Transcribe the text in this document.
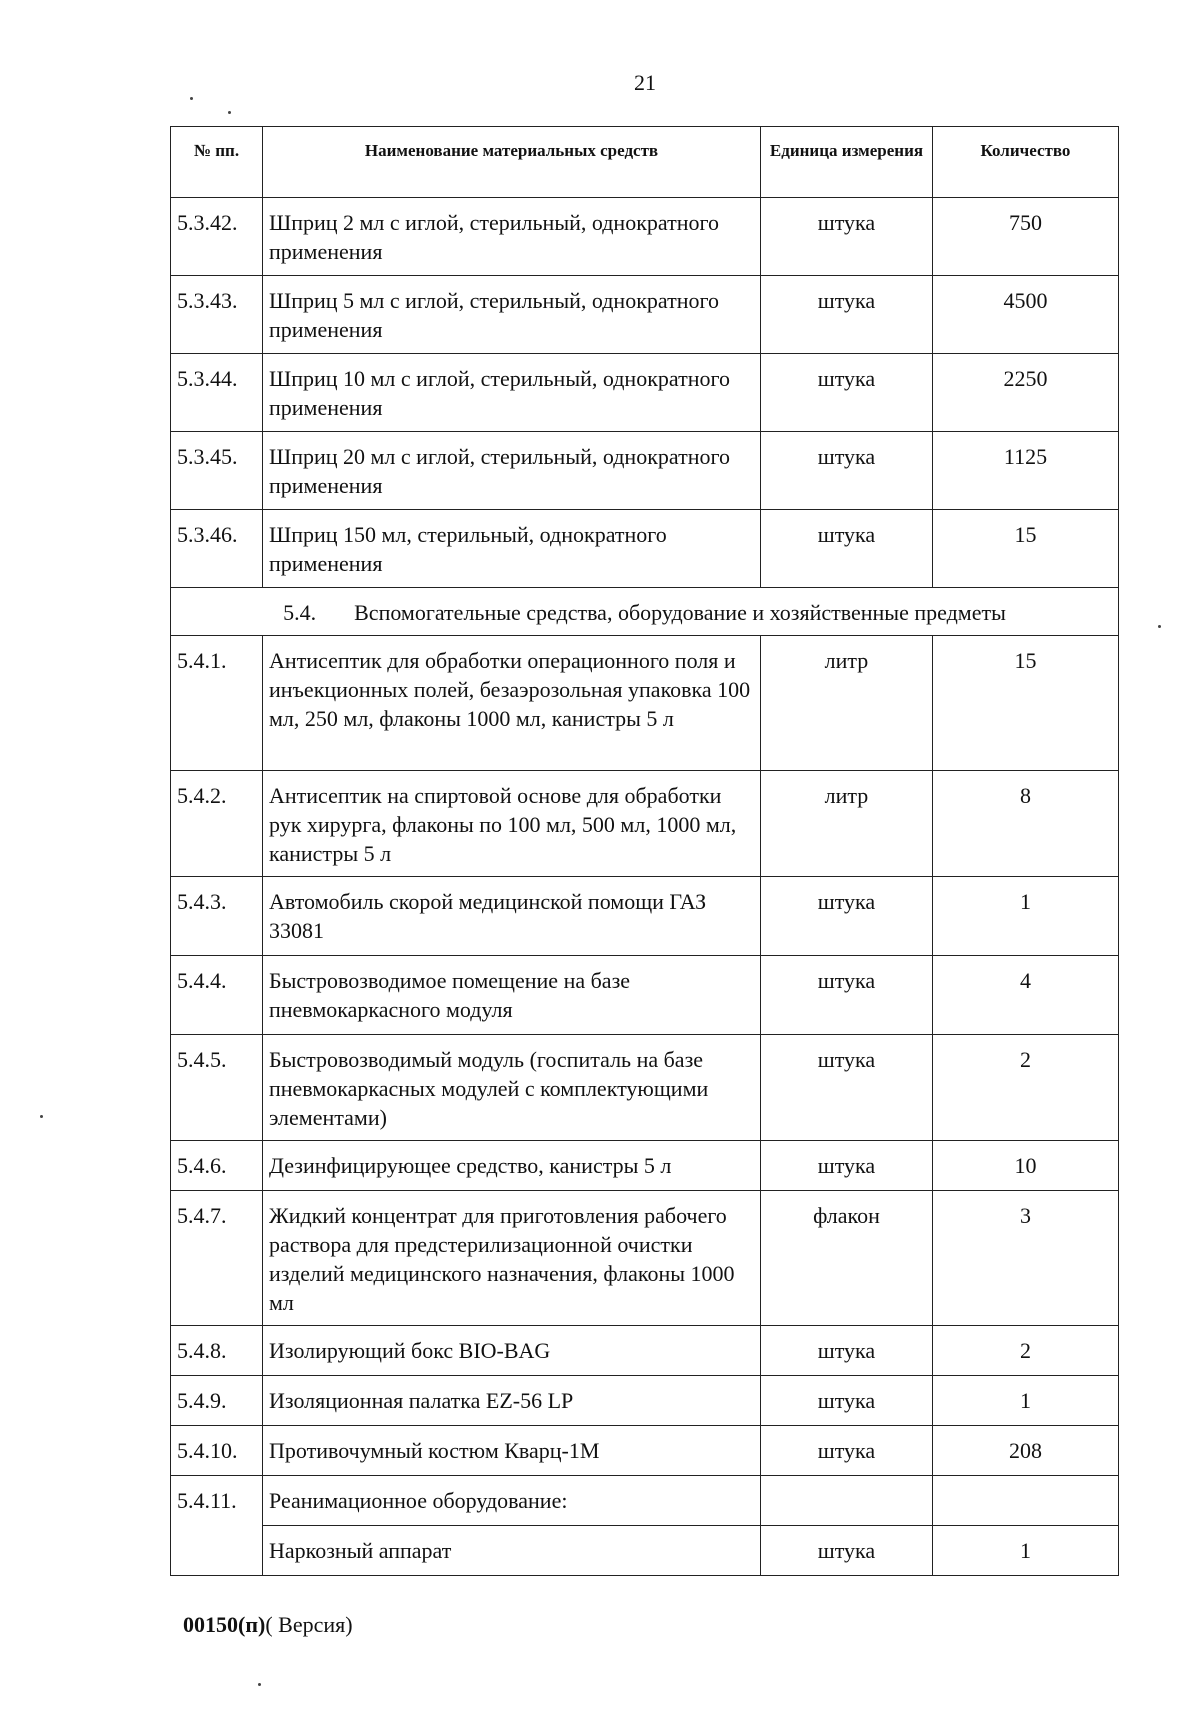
21
№ пп.	Наименование материальных средств	Единица измерения	Количество
5.3.42.	Шприц 2 мл с иглой, стерильный, однократного применения	штука	750
5.3.43.	Шприц 5 мл с иглой, стерильный, однократного применения	штука	4500
5.3.44.	Шприц 10 мл с иглой, стерильный, однократного применения	штука	2250
5.3.45.	Шприц 20 мл с иглой, стерильный, однократного применения	штука	1125
5.3.46.	Шприц 150 мл, стерильный, однократного применения	штука	15
5.4. Вспомогательные средства, оборудование и хозяйственные предметы			
5.4.1.	Антисептик для обработки операционного поля и инъекционных полей, безаэрозольная упаковка 100 мл, 250 мл, флаконы 1000 мл, канистры 5 л	литр	15
5.4.2.	Антисептик на спиртовой основе для обработки рук хирурга, флаконы по 100 мл, 500 мл, 1000 мл, канистры 5 л	литр	8
5.4.3.	Автомобиль скорой медицинской помощи ГАЗ 33081	штука	1
5.4.4.	Быстровозводимое помещение на базе пневмокаркасного модуля	штука	4
5.4.5.	Быстровозводимый модуль (госпиталь на базе пневмокаркасных модулей с комплектующими элементами)	штука	2
5.4.6.	Дезинфицирующее средство, канистры 5 л	штука	10
5.4.7.	Жидкий концентрат для приготовления рабочего раствора для предстерилизационной очистки изделий медицинского назначения, флаконы 1000 мл	флакон	3
5.4.8.	Изолирующий бокс BIO-BAG	штука	2
5.4.9.	Изоляционная палатка EZ-56 LP	штука	1
5.4.10.	Противочумный костюм Кварц-1М	штука	208
5.4.11.	Реанимационное оборудование:		
	Наркозный аппарат	штука	1
00150(п)( Версия)
